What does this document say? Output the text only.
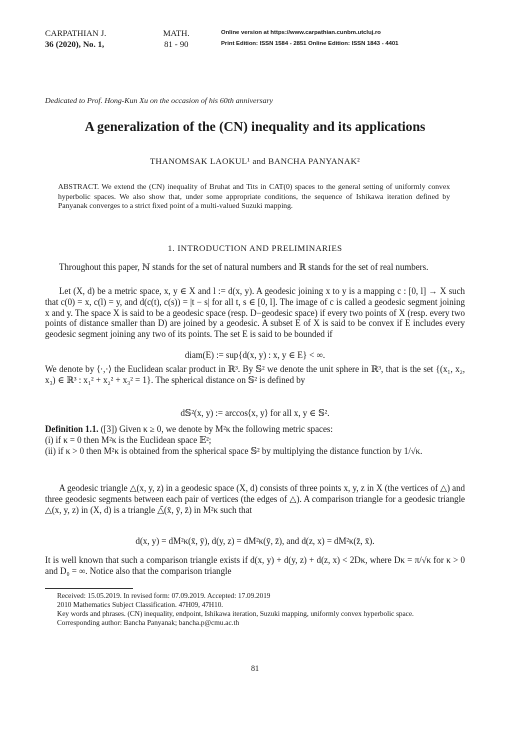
CARPATHIAN J.
36 (2020), No. 1,
MATH.
81 - 90
Online version at https://www.carpathian.cunbm.utcluj.ro
Print Edition: ISSN 1584 - 2851 Online Edition: ISSN 1843 - 4401
Dedicated to Prof. Hong-Kun Xu on the occasion of his 60th anniversary
A generalization of the (CN) inequality and its applications
THANOMSAK LAOKUL¹ and BANCHA PANYANAK²
ABSTRACT. We extend the (CN) inequality of Bruhat and Tits in CAT(0) spaces to the general setting of uniformly convex hyperbolic spaces. We also show that, under some appropriate conditions, the sequence of Ishikawa iteration defined by Panyanak converges to a strict fixed point of a multi-valued Suzuki mapping.
1. INTRODUCTION AND PRELIMINARIES
Throughout this paper, ℕ stands for the set of natural numbers and ℝ stands for the set of real numbers.
Let (X, d) be a metric space, x, y ∈ X and l := d(x, y). A geodesic joining x to y is a mapping c : [0, l] → X such that c(0) = x, c(l) = y, and d(c(t), c(s)) = |t − s| for all t, s ∈ [0, l]. The image of c is called a geodesic segment joining x and y. The space X is said to be a geodesic space (resp. D−geodesic space) if every two points of X (resp. every two points of distance smaller than D) are joined by a geodesic. A subset E of X is said to be convex if E includes every geodesic segment joining any two of its points. The set E is said to be bounded if
diam(E) := sup{d(x, y) : x, y ∈ E} < ∞.
We denote by ⟨·,·⟩ the Euclidean scalar product in ℝ³. By 𝕊² we denote the unit sphere in ℝ³, that is the set {(x₁, x₂, x₃) ∈ ℝ³ : x₁² + x₂² + x₃² = 1}. The spherical distance on 𝕊² is defined by
d𝕊²(x, y) := arccos⟨x, y⟩ for all x, y ∈ 𝕊².
Definition 1.1. ([3]) Given κ ≥ 0, we denote by M²κ the following metric spaces:
(i) if κ = 0 then M²κ is the Euclidean space 𝔼²;
(ii) if κ > 0 then M²κ is obtained from the spherical space 𝕊² by multiplying the distance function by 1/√κ.
A geodesic triangle △(x, y, z) in a geodesic space (X, d) consists of three points x, y, z in X (the vertices of △) and three geodesic segments between each pair of vertices (the edges of △). A comparison triangle for a geodesic triangle △(x, y, z) in (X, d) is a triangle △̄(x̄, ȳ, z̄) in M²κ such that
d(x, y) = dM²κ(x̄, ȳ), d(y, z) = dM²κ(ȳ, z̄), and d(z, x) = dM²κ(z̄, x̄).
It is well known that such a comparison triangle exists if d(x, y) + d(y, z) + d(z, x) < 2Dκ, where Dκ = π/√κ for κ > 0 and D₀ = ∞. Notice also that the comparison triangle
Received: 15.05.2019. In revised form: 07.09.2019. Accepted: 17.09.2019
2010 Mathematics Subject Classification. 47H09, 47H10.
Key words and phrases. (CN) inequality, endpoint, Ishikawa iteration, Suzuki mapping, uniformly convex hyperbolic space.
Corresponding author: Bancha Panyanak; bancha.p@cmu.ac.th
81
